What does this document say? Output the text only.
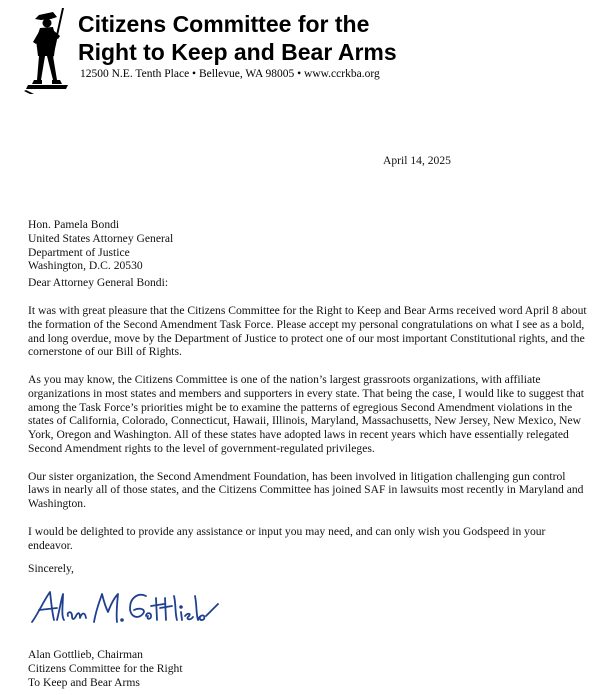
Citizens Committee for the
Right to Keep and Bear Arms
12500 N.E. Tenth Place • Bellevue, WA 98005 • www.ccrkba.org
April 14, 2025
Hon. Pamela Bondi
United States Attorney General
Department of Justice
Washington, D.C. 20530
Dear Attorney General Bondi:

It was with great pleasure that the Citizens Committee for the Right to Keep and Bear Arms received word April 8 about the formation of the Second Amendment Task Force. Please accept my personal congratulations on what I see as a bold, and long overdue, move by the Department of Justice to protect one of our most important Constitutional rights, and the cornerstone of our Bill of Rights.

As you may know, the Citizens Committee is one of the nation’s largest grassroots organizations, with affiliate organizations in most states and members and supporters in every state. That being the case, I would like to suggest that among the Task Force’s priorities might be to examine the patterns of egregious Second Amendment violations in the states of California, Colorado, Connecticut, Hawaii, Illinois, Maryland, Massachusetts, New Jersey, New Mexico, New York, Oregon and Washington. All of these states have adopted laws in recent years which have essentially relegated Second Amendment rights to the level of government-regulated privileges.

Our sister organization, the Second Amendment Foundation, has been involved in litigation challenging gun control laws in nearly all of those states, and the Citizens Committee has joined SAF in lawsuits most recently in Maryland and Washington.

I would be delighted to provide any assistance or input you may need, and can only wish you Godspeed in your endeavor.

Sincerely,
Alan Gottlieb, Chairman
Citizens Committee for the Right
To Keep and Bear Arms
